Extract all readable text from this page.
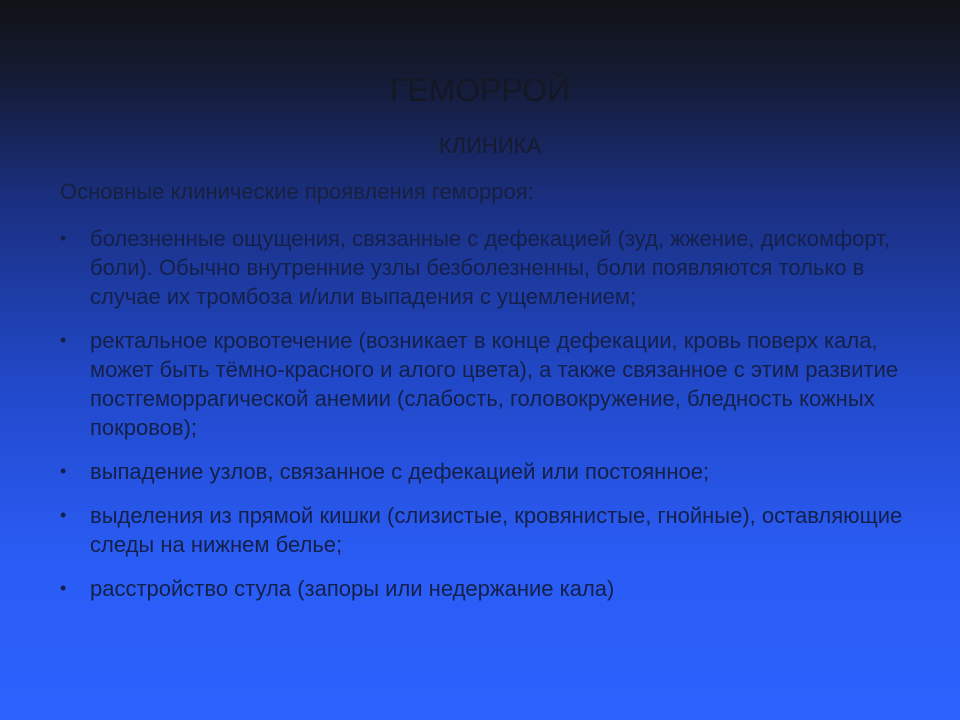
ГЕМОРРОЙ
КЛИНИКА
Основные клинические проявления геморроя:
• болезненные ощущения, связанные с дефекацией (зуд, жжение, дискомфорт, боли). Обычно внутренние узлы безболезненны, боли появляются только в случае их тромбоза и/или выпадения с ущемлением;
• ректальное кровотечение (возникает в конце дефекации, кровь поверх кала, может быть тёмно-красного и алого цвета), а также связанное с этим развитие постгеморрагической анемии (слабость, головокружение, бледность кожных покровов);
• выпадение узлов, связанное с дефекацией или постоянное;
• выделения из прямой кишки (слизистые, кровянистые, гнойные), оставляющие следы на нижнем белье;
• расстройство стула (запоры или недержание кала)
